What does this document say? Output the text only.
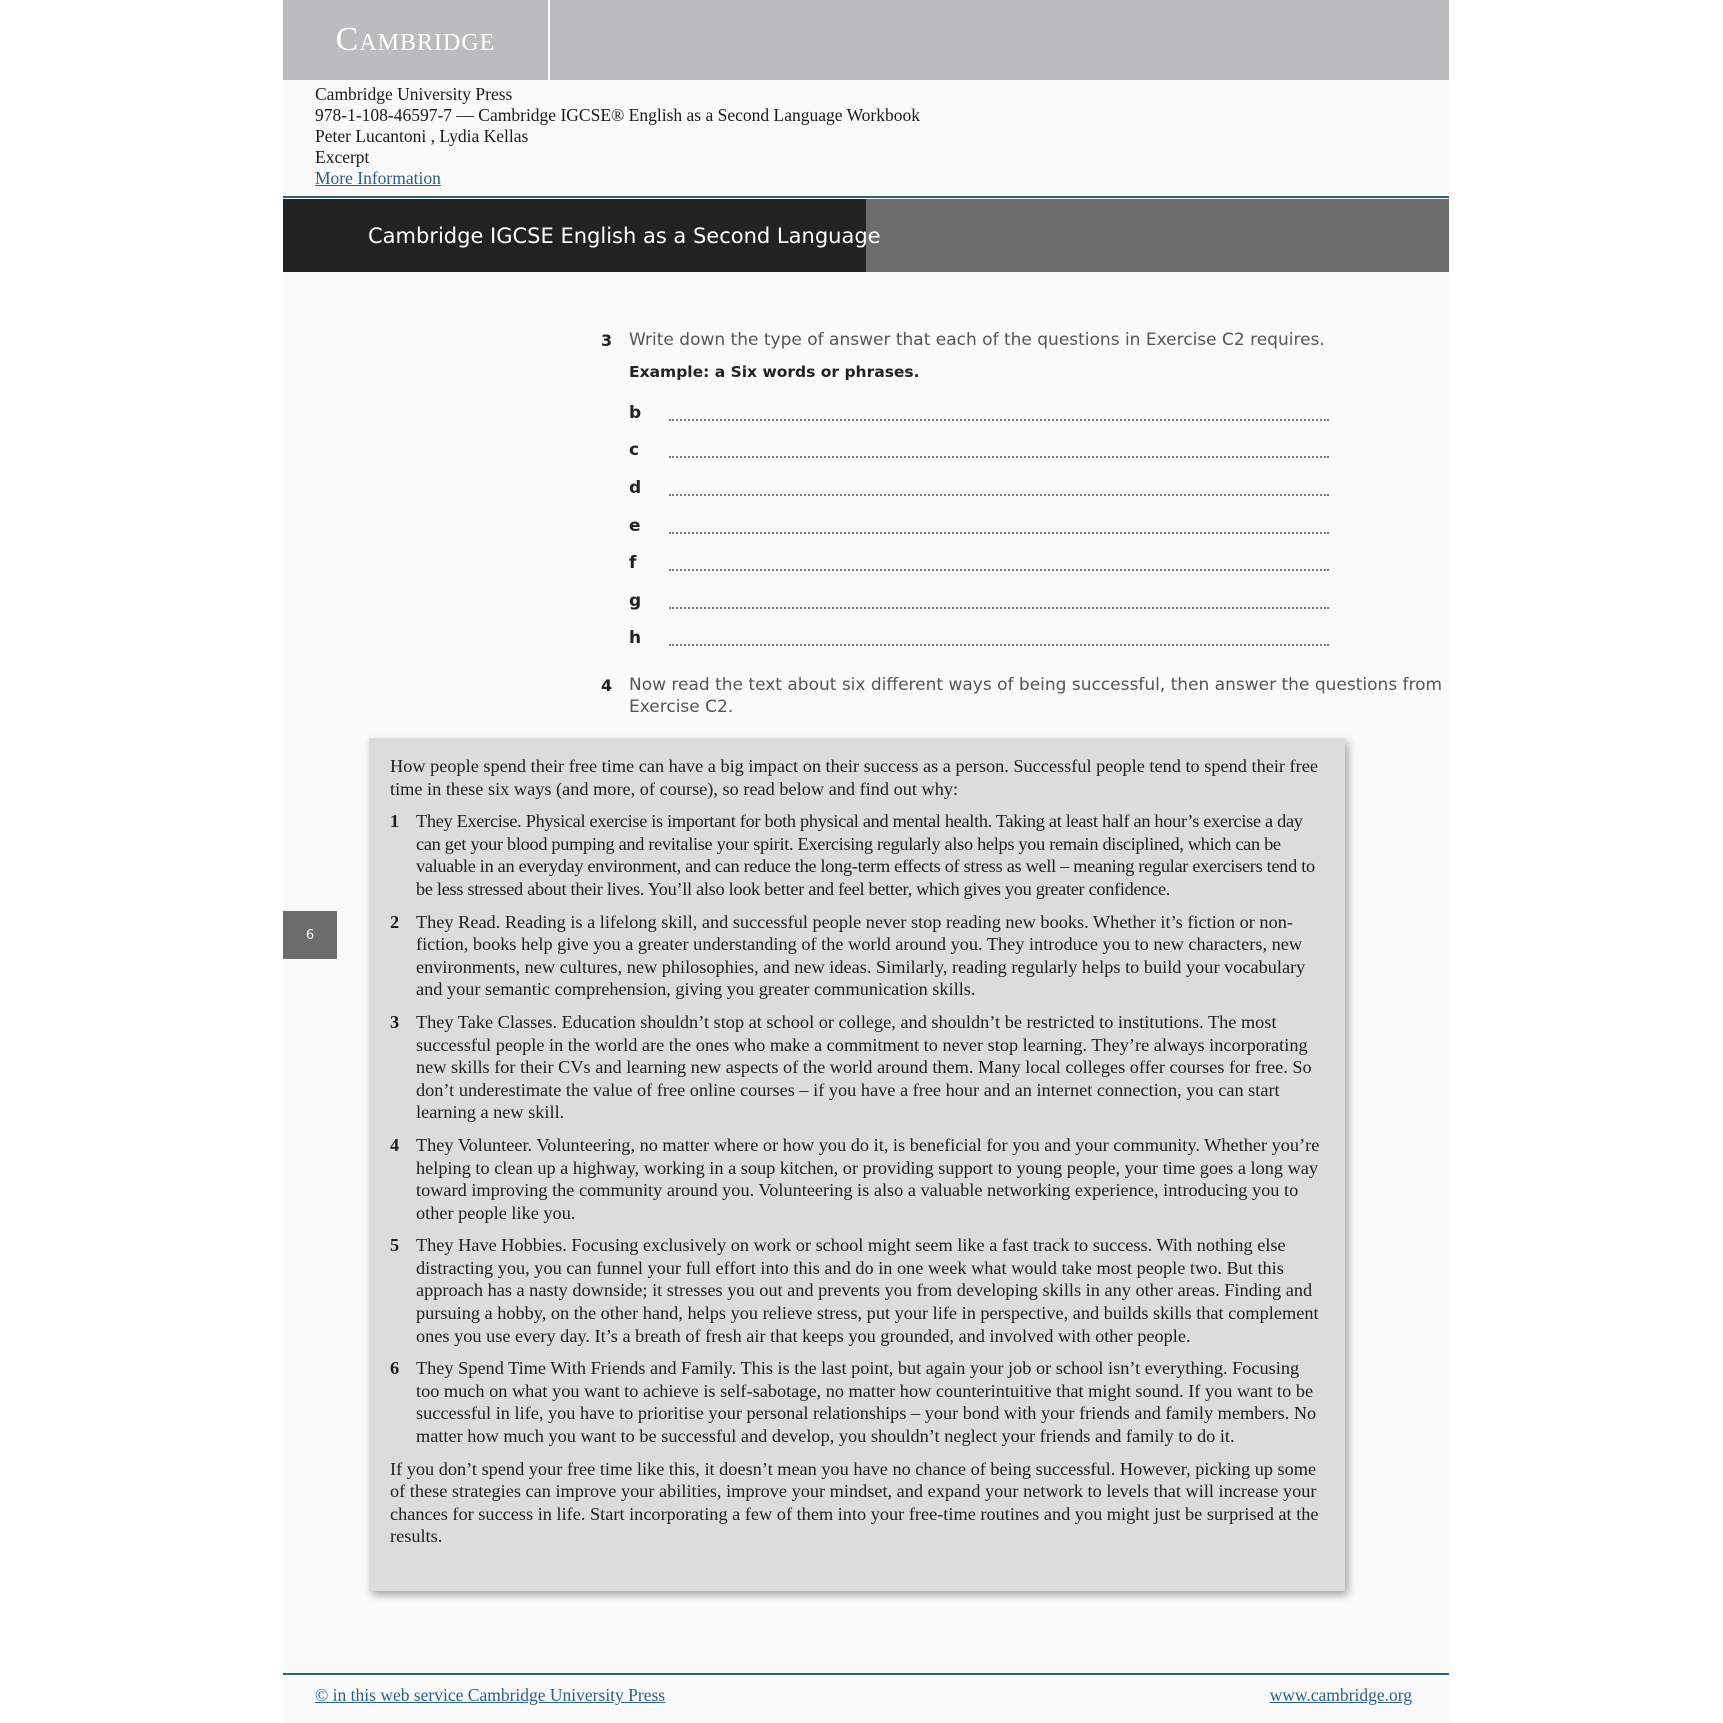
Cambridge
Cambridge University Press
978-1-108-46597-7 — Cambridge IGCSE® English as a Second Language Workbook
Peter Lucantoni , Lydia Kellas
Excerpt
More Information
Cambridge IGCSE English as a Second Language
3 Write down the type of answer that each of the questions in Exercise C2 requires.
Example: a Six words or phrases.
b
c
d
e
f
g
h
4 Now read the text about six different ways of being successful, then answer the questions from
Exercise C2.
6

How people spend their free time can have a big impact on their success as a person. Successful people tend to spend their free time in these six ways (and more, of course), so read below and find out why:

1 They Exercise. Physical exercise is important for both physical and mental health. Taking at least half an hour’s exercise a day can get your blood pumping and revitalise your spirit. Exercising regularly also helps you remain disciplined, which can be valuable in an everyday environment, and can reduce the long-term effects of stress as well – meaning regular exercisers tend to be less stressed about their lives. You’ll also look better and feel better, which gives you greater confidence.
2 They Read. Reading is a lifelong skill, and successful people never stop reading new books. Whether it’s fiction or non-fiction, books help give you a greater understanding of the world around you. They introduce you to new characters, new environments, new cultures, new philosophies, and new ideas. Similarly, reading regularly helps to build your vocabulary and your semantic comprehension, giving you greater communication skills.
3 They Take Classes. Education shouldn’t stop at school or college, and shouldn’t be restricted to institutions. The most successful people in the world are the ones who make a commitment to never stop learning. They’re always incorporating new skills for their CVs and learning new aspects of the world around them. Many local colleges offer courses for free. So don’t underestimate the value of free online courses – if you have a free hour and an internet connection, you can start learning a new skill.
4 They Volunteer. Volunteering, no matter where or how you do it, is beneficial for you and your community. Whether you’re helping to clean up a highway, working in a soup kitchen, or providing support to young people, your time goes a long way toward improving the community around you. Volunteering is also a valuable networking experience, introducing you to other people like you.
5 They Have Hobbies. Focusing exclusively on work or school might seem like a fast track to success. With nothing else distracting you, you can funnel your full effort into this and do in one week what would take most people two. But this approach has a nasty downside; it stresses you out and prevents you from developing skills in any other areas. Finding and pursuing a hobby, on the other hand, helps you relieve stress, put your life in perspective, and builds skills that complement ones you use every day. It’s a breath of fresh air that keeps you grounded, and involved with other people.
6 They Spend Time With Friends and Family. This is the last point, but again your job or school isn’t everything. Focusing too much on what you want to achieve is self-sabotage, no matter how counterintuitive that might sound. If you want to be successful in life, you have to prioritise your personal relationships – your bond with your friends and family members. No matter how much you want to be successful and develop, you shouldn’t neglect your friends and family to do it.

If you don’t spend your free time like this, it doesn’t mean you have no chance of being successful. However, picking up some of these strategies can improve your abilities, improve your mindset, and expand your network to levels that will increase your chances for success in life. Start incorporating a few of them into your free-time routines and you might just be surprised at the results.

© in this web service Cambridge University Press	www.cambridge.org
